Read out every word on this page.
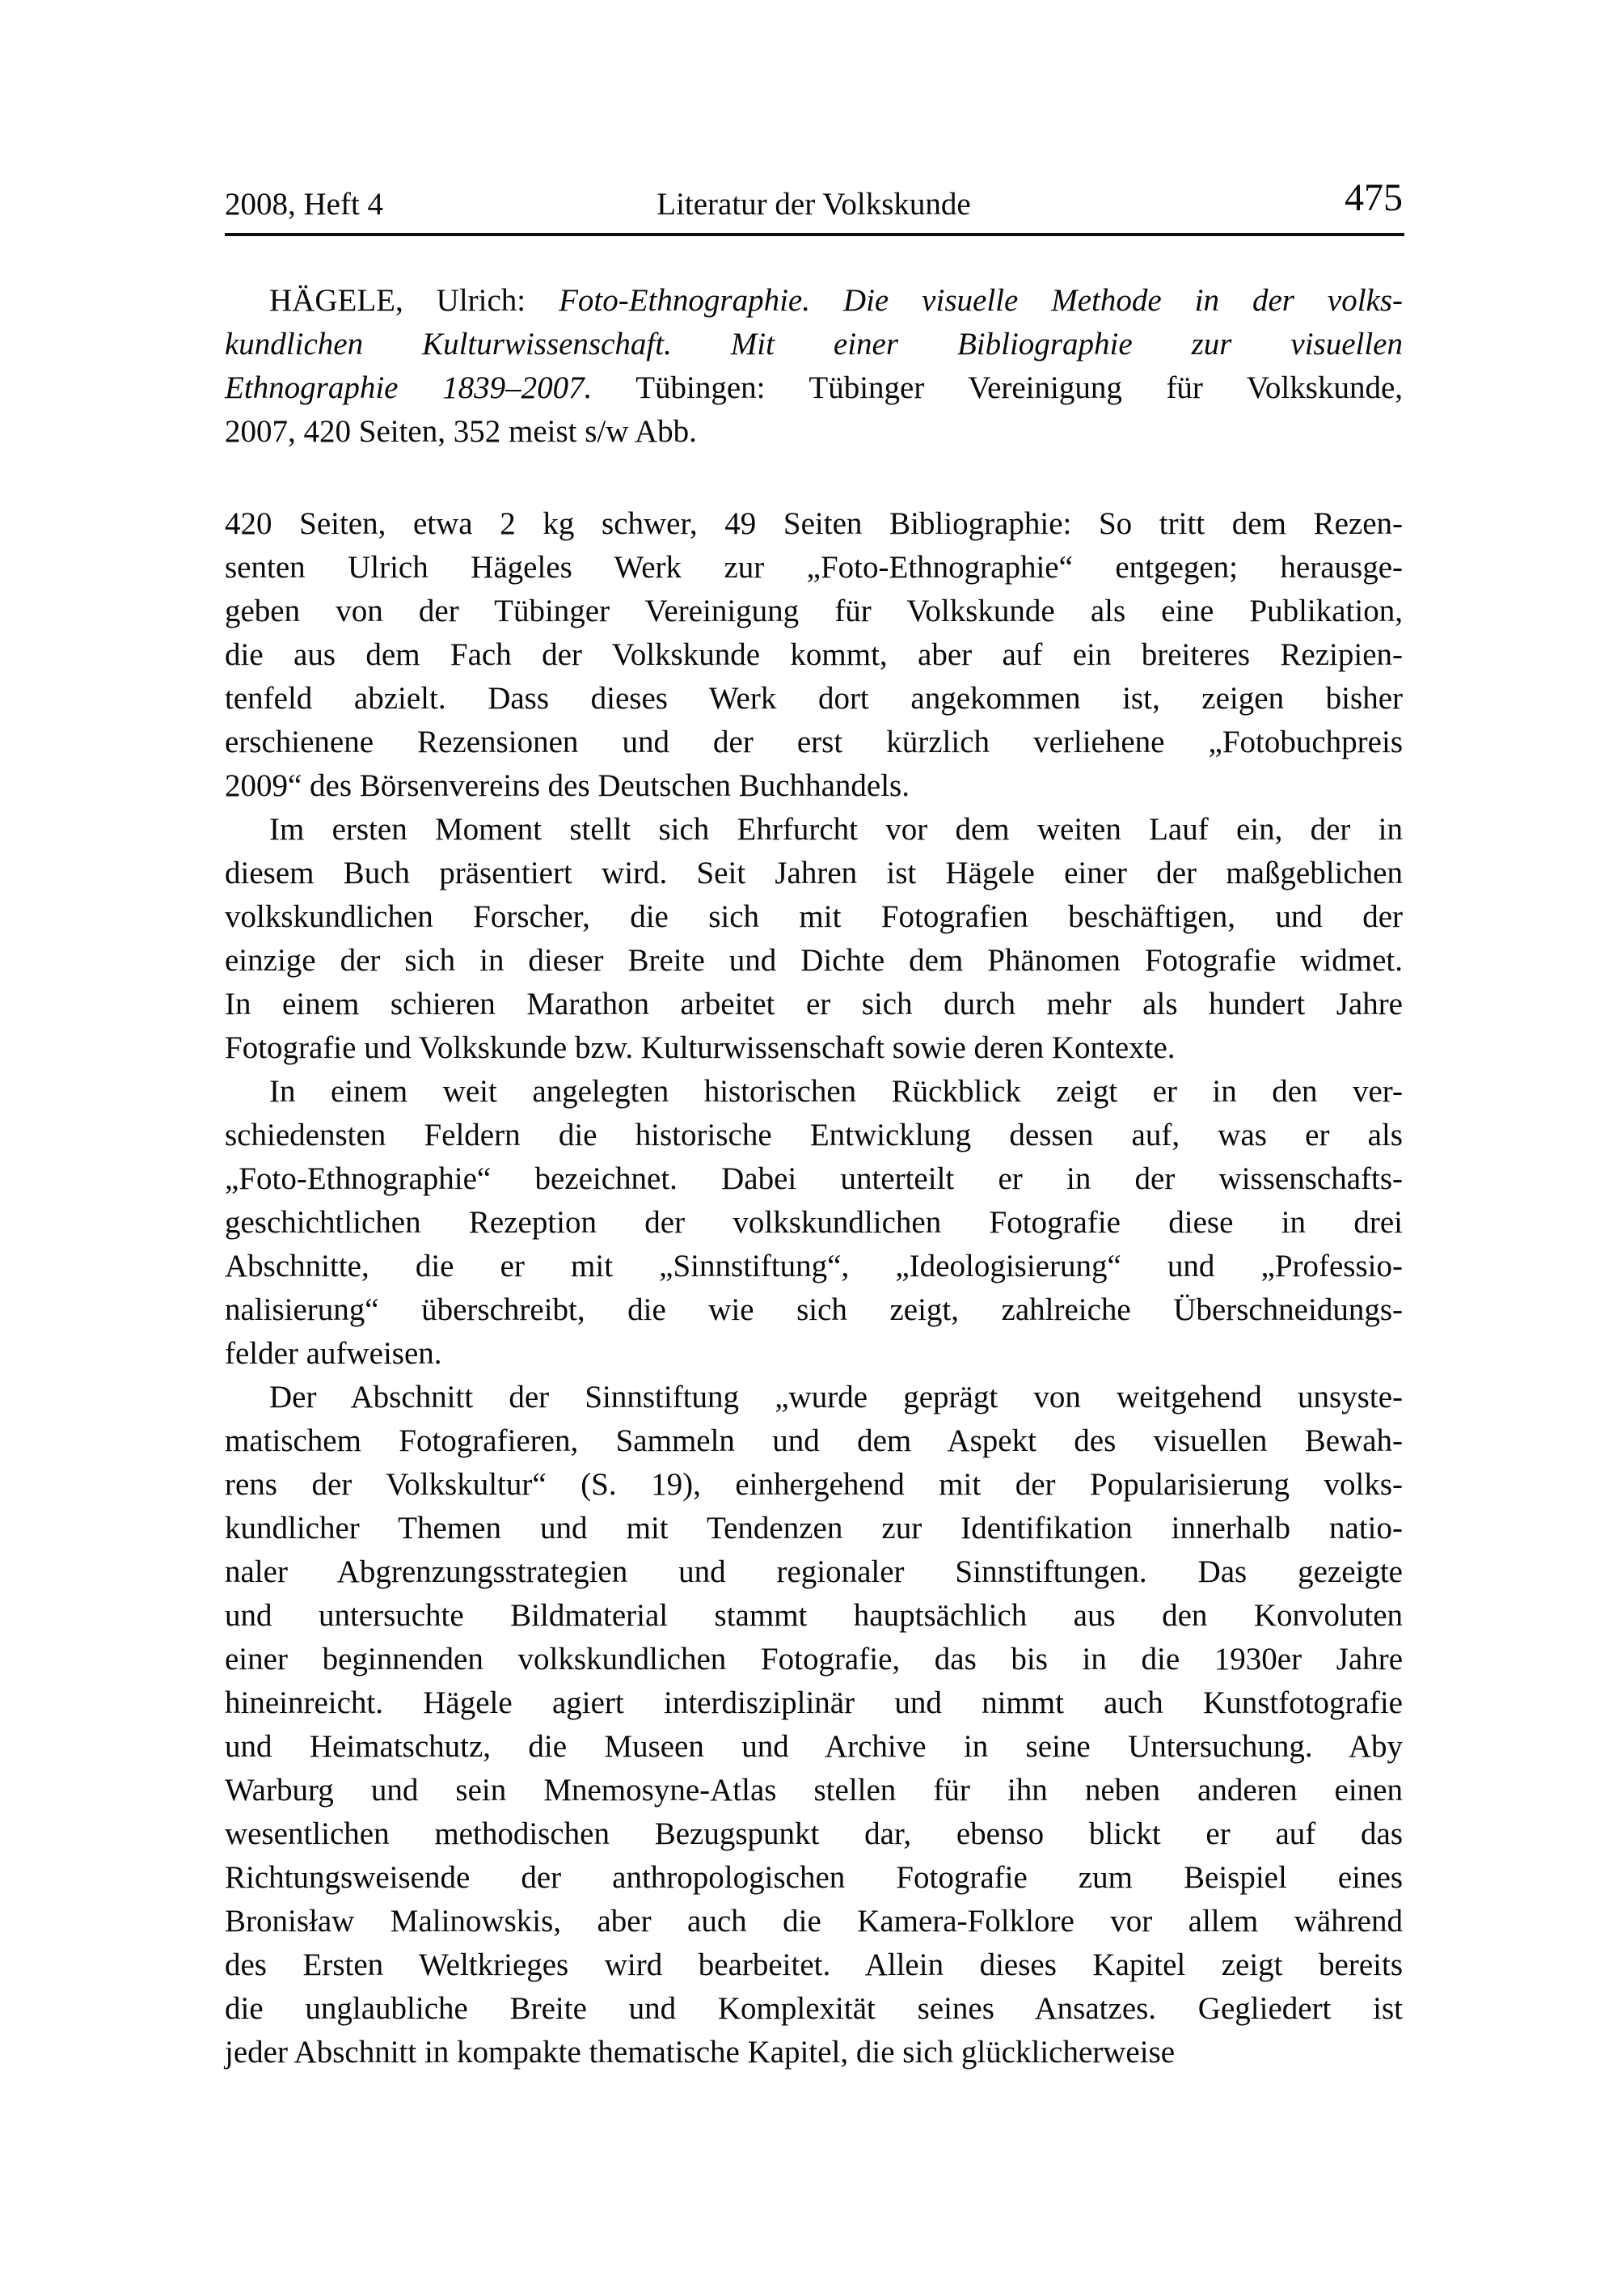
2008, Heft 4	Literatur der Volkskunde	475
HÄGELE, Ulrich: Foto-Ethnographie. Die visuelle Methode in der volks-
kundlichen Kulturwissenschaft. Mit einer Bibliographie zur visuellen
Ethnographie 1839–2007. Tübingen: Tübinger Vereinigung für Volkskunde,
2007, 420 Seiten, 352 meist s/w Abb.
420 Seiten, etwa 2 kg schwer, 49 Seiten Bibliographie: So tritt dem Rezen-
senten Ulrich Hägeles Werk zur „Foto-Ethnographie“ entgegen; herausge-
geben von der Tübinger Vereinigung für Volkskunde als eine Publikation,
die aus dem Fach der Volkskunde kommt, aber auf ein breiteres Rezipien-
tenfeld abzielt. Dass dieses Werk dort angekommen ist, zeigen bisher
erschienene Rezensionen und der erst kürzlich verliehene „Fotobuchpreis
2009“ des Börsenvereins des Deutschen Buchhandels.
Im ersten Moment stellt sich Ehrfurcht vor dem weiten Lauf ein, der in
diesem Buch präsentiert wird. Seit Jahren ist Hägele einer der maßgeblichen
volkskundlichen Forscher, die sich mit Fotografien beschäftigen, und der
einzige der sich in dieser Breite und Dichte dem Phänomen Fotografie widmet.
In einem schieren Marathon arbeitet er sich durch mehr als hundert Jahre
Fotografie und Volkskunde bzw. Kulturwissenschaft sowie deren Kontexte.
In einem weit angelegten historischen Rückblick zeigt er in den ver-
schiedensten Feldern die historische Entwicklung dessen auf, was er als
„Foto-Ethnographie“ bezeichnet. Dabei unterteilt er in der wissenschafts-
geschichtlichen Rezeption der volkskundlichen Fotografie diese in drei
Abschnitte, die er mit „Sinnstiftung“, „Ideologisierung“ und „Professio-
nalisierung“ überschreibt, die wie sich zeigt, zahlreiche Überschneidungs-
felder aufweisen.
Der Abschnitt der Sinnstiftung „wurde geprägt von weitgehend unsyste-
matischem Fotografieren, Sammeln und dem Aspekt des visuellen Bewah-
rens der Volkskultur“ (S. 19), einhergehend mit der Popularisierung volks-
kundlicher Themen und mit Tendenzen zur Identifikation innerhalb natio-
naler Abgrenzungsstrategien und regionaler Sinnstiftungen. Das gezeigte
und untersuchte Bildmaterial stammt hauptsächlich aus den Konvoluten
einer beginnenden volkskundlichen Fotografie, das bis in die 1930er Jahre
hineinreicht. Hägele agiert interdisziplinär und nimmt auch Kunstfotografie
und Heimatschutz, die Museen und Archive in seine Untersuchung. Aby
Warburg und sein Mnemosyne-Atlas stellen für ihn neben anderen einen
wesentlichen methodischen Bezugspunkt dar, ebenso blickt er auf das
Richtungsweisende der anthropologischen Fotografie zum Beispiel eines
Bronisław Malinowskis, aber auch die Kamera-Folklore vor allem während
des Ersten Weltkrieges wird bearbeitet. Allein dieses Kapitel zeigt bereits
die unglaubliche Breite und Komplexität seines Ansatzes. Gegliedert ist
jeder Abschnitt in kompakte thematische Kapitel, die sich glücklicherweise
